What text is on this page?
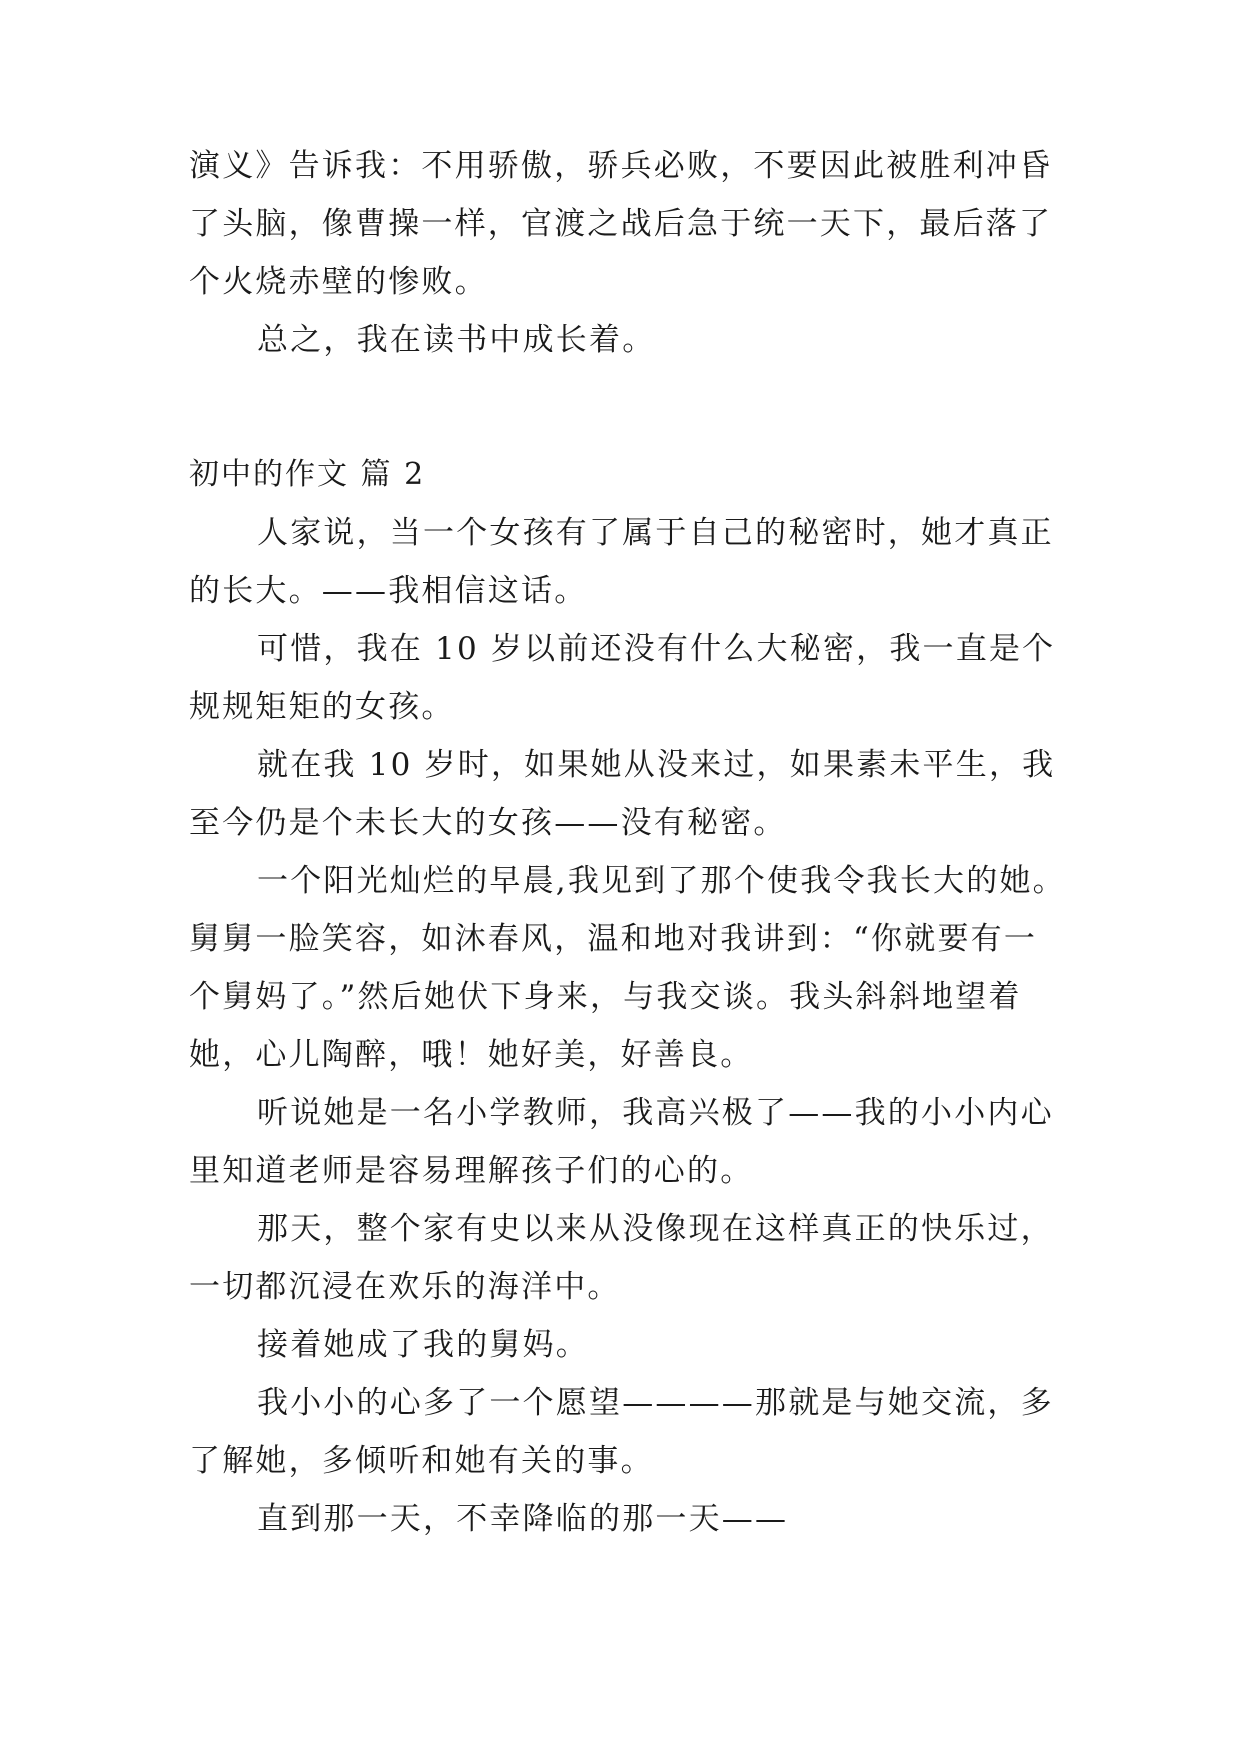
演义》告诉我：不用骄傲，骄兵必败，不要因此被胜利冲昏
了头脑，像曹操一样，官渡之战后急于统一天下，最后落了
个火烧赤壁的惨败。
总之，我在读书中成长着。
初中的作文 篇 2
人家说，当一个女孩有了属于自己的秘密时，她才真正
的长大。——我相信这话。
可惜，我在 10 岁以前还没有什么大秘密，我一直是个
规规矩矩的女孩。
就在我 10 岁时，如果她从没来过，如果素未平生，我
至今仍是个未长大的女孩——没有秘密。
一个阳光灿烂的早晨,我见到了那个使我令我长大的她。
舅舅一脸笑容，如沐春风，温和地对我讲到：“你就要有一
个舅妈了。”然后她伏下身来，与我交谈。我头斜斜地望着
她，心儿陶醉，哦！她好美，好善良。
听说她是一名小学教师，我高兴极了——我的小小内心
里知道老师是容易理解孩子们的心的。
那天，整个家有史以来从没像现在这样真正的快乐过，
一切都沉浸在欢乐的海洋中。
接着她成了我的舅妈。
我小小的心多了一个愿望————那就是与她交流，多
了解她，多倾听和她有关的事。
直到那一天，不幸降临的那一天——
